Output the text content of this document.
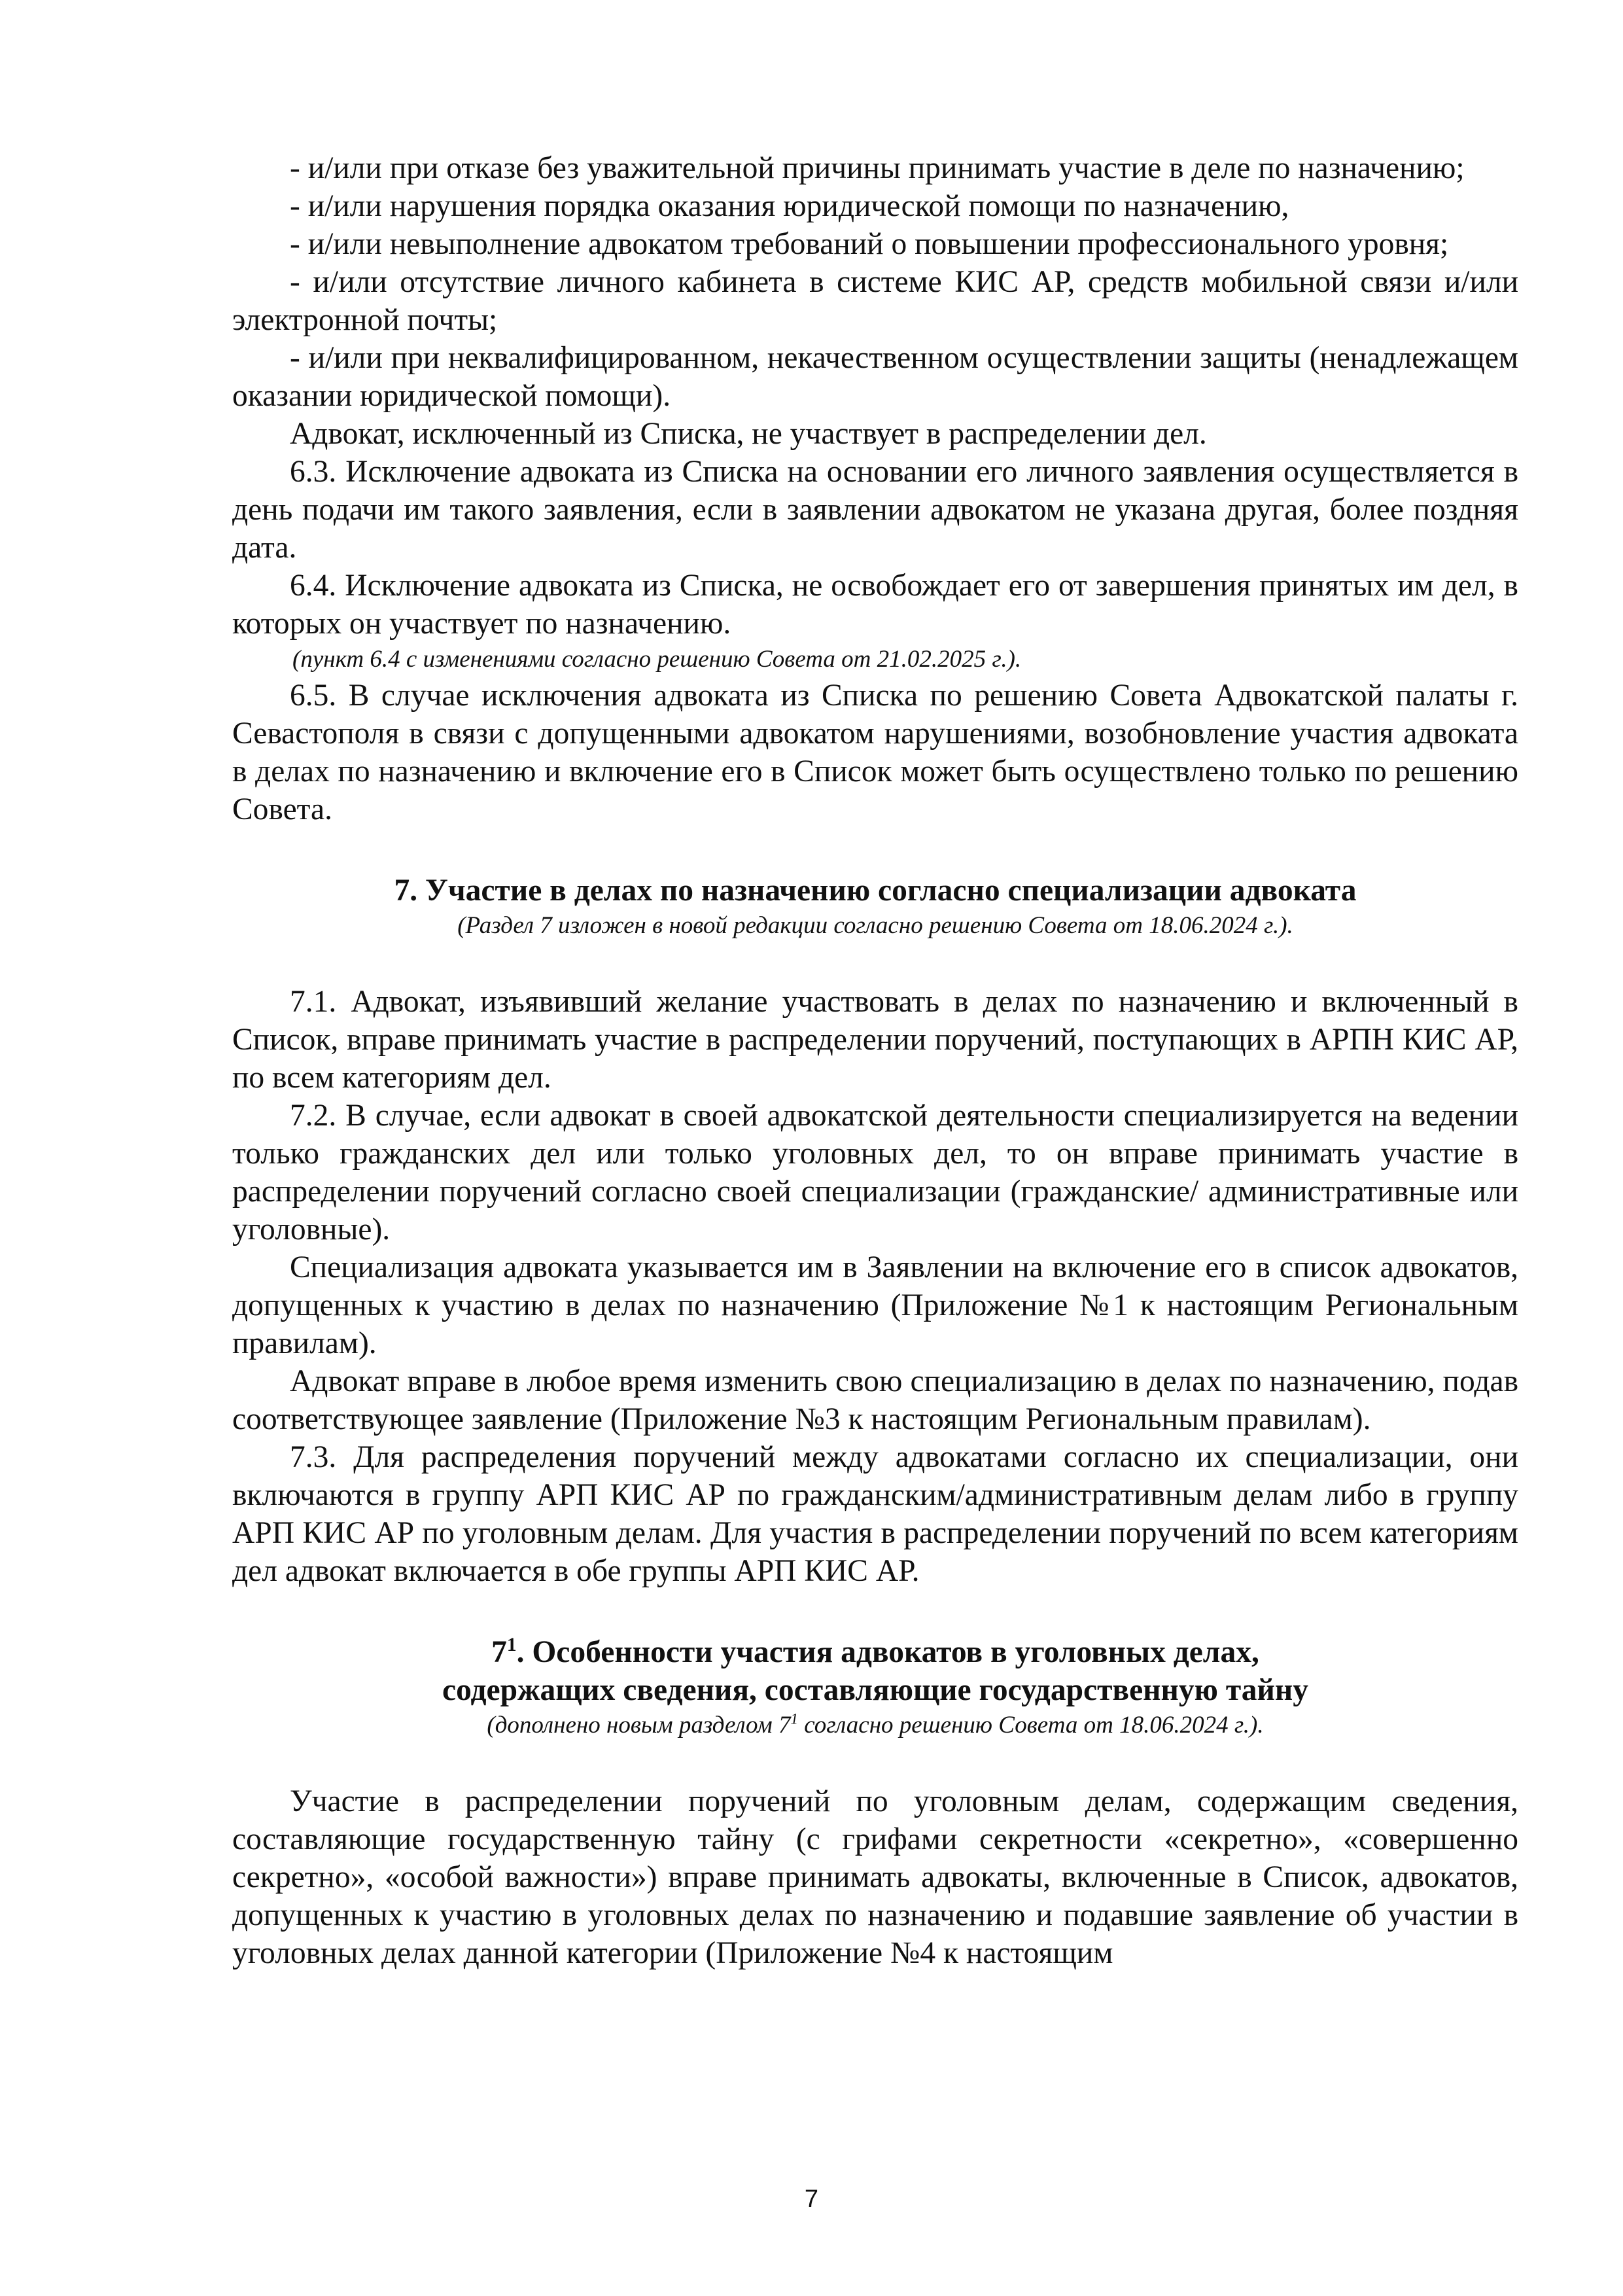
- и/или при отказе без уважительной причины принимать участие в деле по назначению;

- и/или нарушения порядка оказания юридической помощи по назначению,

- и/или невыполнение адвокатом требований о повышении профессионального уровня;

- и/или отсутствие личного кабинета в системе КИС АР, средств мобильной связи и/или электронной почты;

- и/или при неквалифицированном, некачественном осуществлении защиты (ненадлежащем оказании юридической помощи).

Адвокат, исключенный из Списка, не участвует в распределении дел.

6.3. Исключение адвоката из Списка на основании его личного заявления осуществляется в день подачи им такого заявления, если в заявлении адвокатом не указана другая, более поздняя дата.

6.4. Исключение адвоката из Списка, не освобождает его от завершения принятых им дел, в которых он участвует по назначению.

(пункт 6.4 с изменениями согласно решению Совета от 21.02.2025 г.).

6.5. В случае исключения адвоката из Списка по решению Совета Адвокатской палаты г. Севастополя в связи с допущенными адвокатом нарушениями, возобновление участия адвоката в делах по назначению и включение его в Список может быть осуществлено только по решению Совета.

7. Участие в делах по назначению согласно специализации адвоката
(Раздел 7 изложен в новой редакции согласно решению Совета от 18.06.2024 г.).

7.1. Адвокат, изъявивший желание участвовать в делах по назначению и включенный в Список, вправе принимать участие в распределении поручений, поступающих в АРПН КИС АР, по всем категориям дел.

7.2. В случае, если адвокат в своей адвокатской деятельности специализируется на ведении только гражданских дел или только уголовных дел, то он вправе принимать участие в распределении поручений согласно своей специализации (гражданские/ административные или уголовные).

Специализация адвоката указывается им в Заявлении на включение его в список адвокатов, допущенных к участию в делах по назначению (Приложение №1 к настоящим Региональным правилам).

Адвокат вправе в любое время изменить свою специализацию в делах по назначению, подав соответствующее заявление (Приложение №3 к настоящим Региональным правилам).

7.3. Для распределения поручений между адвокатами согласно их специализации, они включаются в группу АРП КИС АР по гражданским/административным делам либо в группу АРП КИС АР по уголовным делам. Для участия в распределении поручений по всем категориям дел адвокат включается в обе группы АРП КИС АР.

$7^1$. Особенности участия адвокатов в уголовных делах,
содержащих сведения, составляющие государственную тайну
(дополнено новым разделом $7^1$ согласно решению Совета от 18.06.2024 г.).

Участие в распределении поручений по уголовным делам, содержащим сведения, составляющие государственную тайну (с грифами секретности «секретно», «совершенно секретно», «особой важности») вправе принимать адвокаты, включенные в Список, адвокатов, допущенных к участию в уголовных делах по назначению и подавшие заявление об участии в уголовных делах данной категории (Приложение №4 к настоящим

7
